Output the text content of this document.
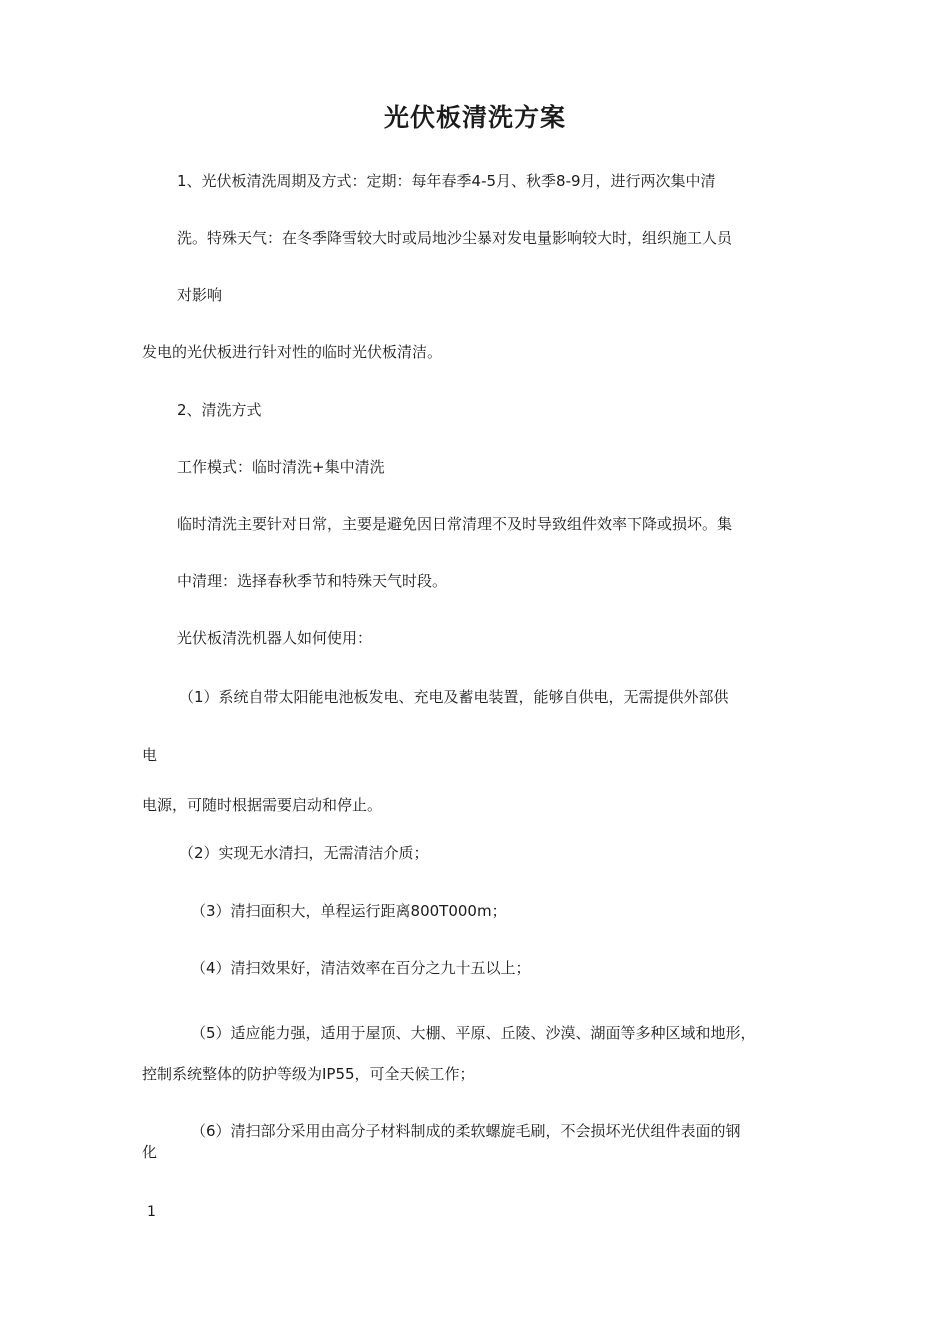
光伏板清洗方案
1、光伏板清洗周期及方式：定期：每年春季4-5月、秋季8-9月，进行两次集中清
洗。特殊天气：在冬季降雪较大时或局地沙尘暴对发电量影响较大时，组织施工人员
对影响
发电的光伏板进行针对性的临时光伏板清洁。
2、清洗方式
工作模式：临时清洗+集中清洗
临时清洗主要针对日常，主要是避免因日常清理不及时导致组件效率下降或损坏。集
中清理：选择春秋季节和特殊天气时段。
光伏板清洗机器人如何使用：
（1）系统自带太阳能电池板发电、充电及蓄电装置，能够自供电，无需提供外部供
电
电源，可随时根据需要启动和停止。
（2）实现无水清扫，无需清洁介质；
（3）清扫面积大，单程运行距离800T000m；
（4）清扫效果好，清洁效率在百分之九十五以上；
（5）适应能力强，适用于屋顶、大棚、平原、丘陵、沙漠、湖面等多种区域和地形，
控制系统整体的防护等级为IP55，可全天候工作；
（6）清扫部分采用由高分子材料制成的柔软螺旋毛刷，不会损坏光伏组件表面的钢
化
1
